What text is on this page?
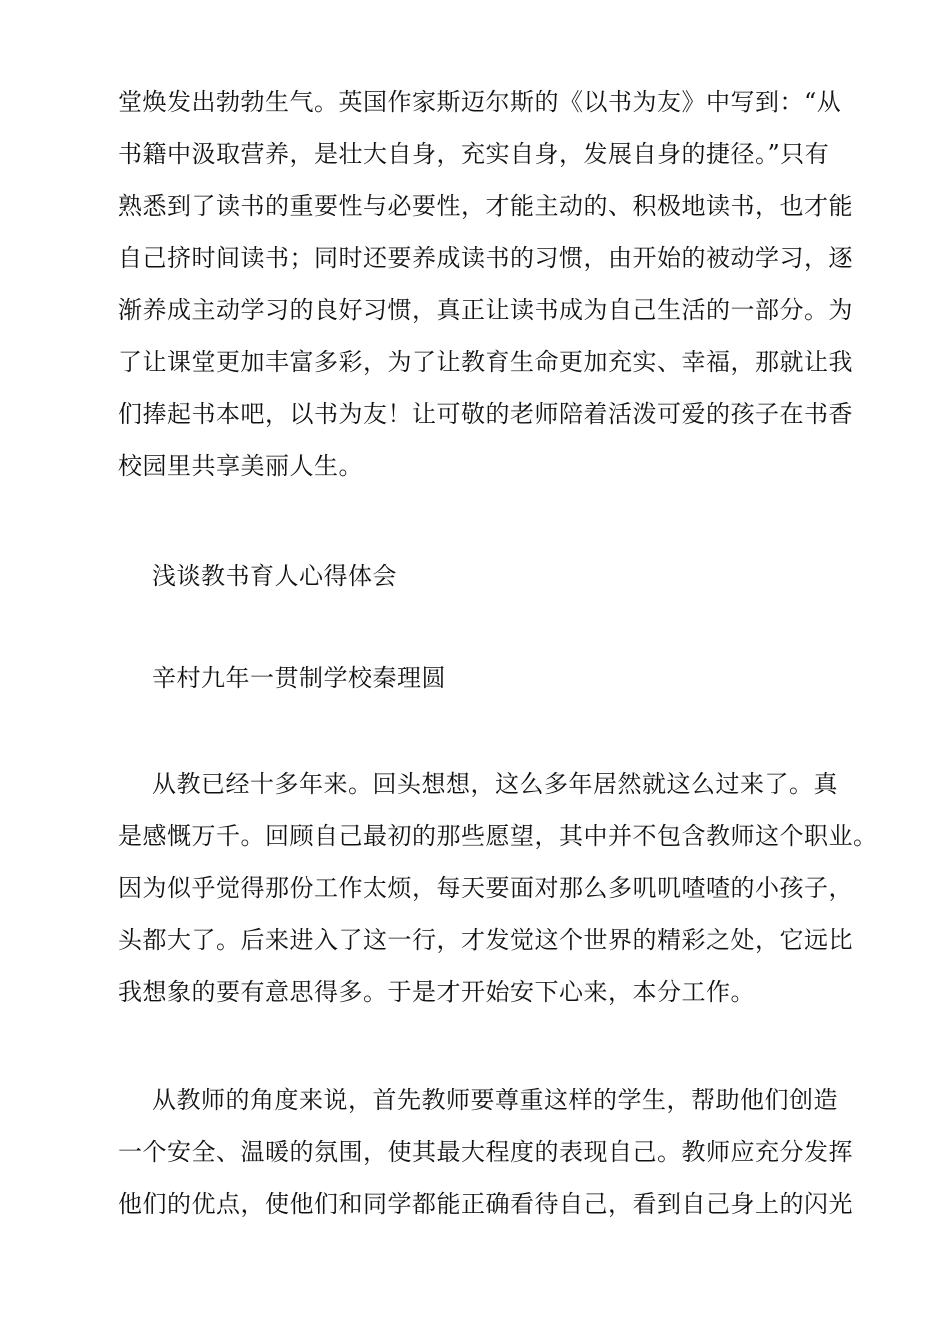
堂焕发出勃勃生气。英国作家斯迈尔斯的《以书为友》中写到：“从
书籍中汲取营养，是壮大自身，充实自身，发展自身的捷径。”只有
熟悉到了读书的重要性与必要性，才能主动的、积极地读书，也才能
自己挤时间读书；同时还要养成读书的习惯，由开始的被动学习，逐
渐养成主动学习的良好习惯，真正让读书成为自己生活的一部分。为
了让课堂更加丰富多彩，为了让教育生命更加充实、幸福，那就让我
们捧起书本吧，以书为友！让可敬的老师陪着活泼可爱的孩子在书香
校园里共享美丽人生。
浅谈教书育人心得体会
辛村九年一贯制学校秦理圆
从教已经十多年来。回头想想，这么多年居然就这么过来了。真
是感慨万千。回顾自己最初的那些愿望，其中并不包含教师这个职业。
因为似乎觉得那份工作太烦，每天要面对那么多叽叽喳喳的小孩子，
头都大了。后来进入了这一行，才发觉这个世界的精彩之处，它远比
我想象的要有意思得多。于是才开始安下心来，本分工作。
从教师的角度来说，首先教师要尊重这样的学生，帮助他们创造
一个安全、温暖的氛围，使其最大程度的表现自己。教师应充分发挥
他们的优点，使他们和同学都能正确看待自己，看到自己身上的闪光
